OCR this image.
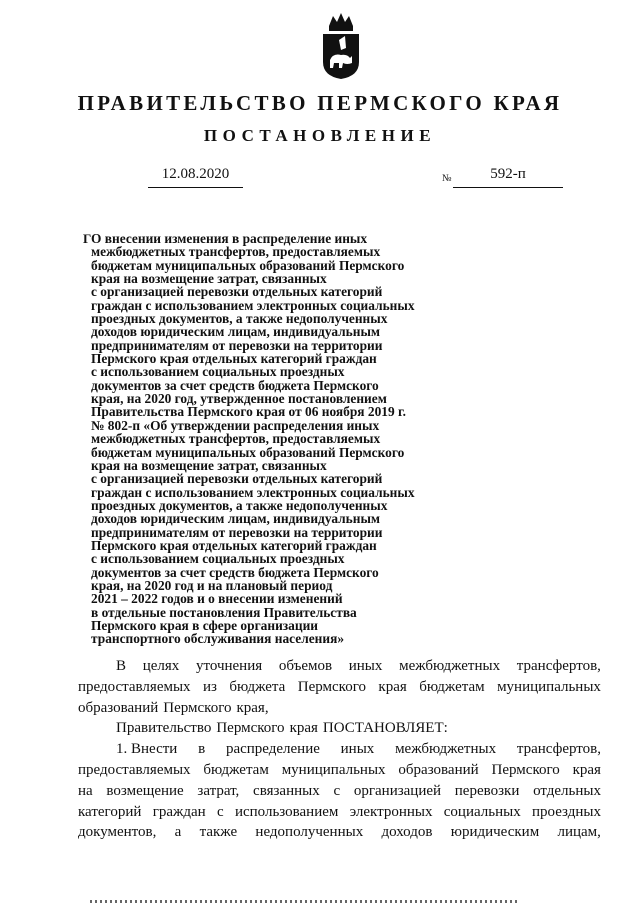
ПРАВИТЕЛЬСТВО ПЕРМСКОГО КРАЯ
ПОСТАНОВЛЕНИЕ
12.08.2020	№	592-п
Г О внесении изменения в распределение иных
межбюджетных трансфертов, предоставляемых
бюджетам муниципальных образований Пермского
края на возмещение затрат, связанных
с организацией перевозки отдельных категорий
граждан с использованием электронных социальных
проездных документов, а также недополученных
доходов юридическим лицам, индивидуальным
предпринимателям от перевозки на территории
Пермского края отдельных категорий граждан
с использованием социальных проездных
документов за счет средств бюджета Пермского
края, на 2020 год, утвержденное постановлением
Правительства Пермского края от 06 ноября 2019 г.
№ 802-п «Об утверждении распределения иных
межбюджетных трансфертов, предоставляемых
бюджетам муниципальных образований Пермского
края на возмещение затрат, связанных
с организацией перевозки отдельных категорий
граждан с использованием электронных социальных
проездных документов, а также недополученных
доходов юридическим лицам, индивидуальным
предпринимателям от перевозки на территории
Пермского края отдельных категорий граждан
с использованием социальных проездных
документов за счет средств бюджета Пермского
края, на 2020 год и на плановый период
2021 – 2022 годов и о внесении изменений
в отдельные постановления Правительства
Пермского края в сфере организации
транспортного обслуживания населения»
В целях уточнения объемов иных межбюджетных трансфертов,
предоставляемых из бюджета Пермского края бюджетам муниципальных
образований Пермского края,
Правительство Пермского края ПОСТАНОВЛЯЕТ:
1. Внести в распределение иных межбюджетных трансфертов,
предоставляемых бюджетам муниципальных образований Пермского края
на возмещение затрат, связанных с организацией перевозки отдельных
категорий граждан с использованием электронных социальных проездных
документов, а также недополученных доходов юридическим лицам,
